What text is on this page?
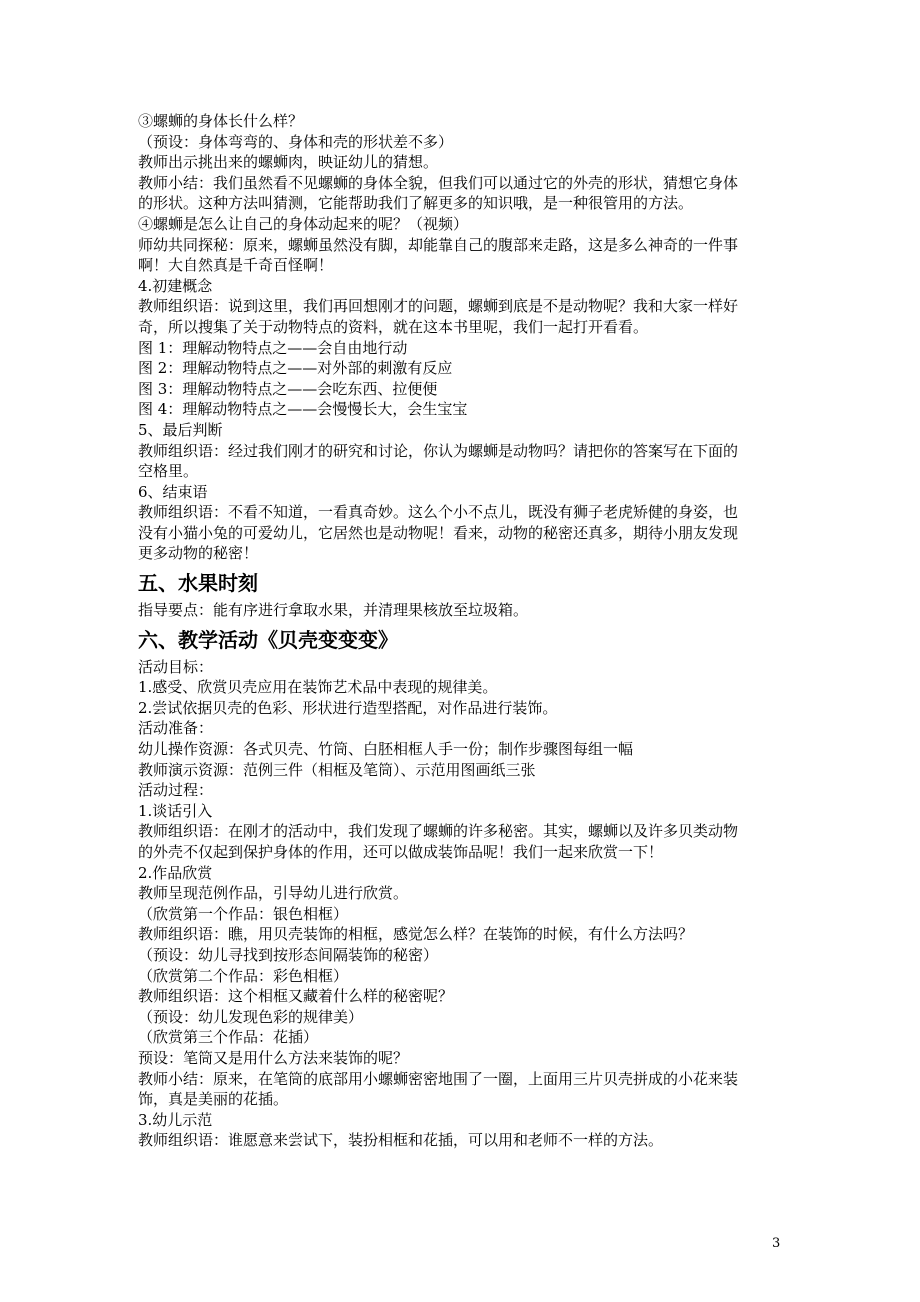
③螺蛳的身体长什么样？
（预设：身体弯弯的、身体和壳的形状差不多）
教师出示挑出来的螺蛳肉，映证幼儿的猜想。
教师小结：我们虽然看不见螺蛳的身体全貌，但我们可以通过它的外壳的形状，猜想它身体
的形状。这种方法叫猜测，它能帮助我们了解更多的知识哦，是一种很管用的方法。
④螺蛳是怎么让自己的身体动起来的呢？（视频）
师幼共同探秘：原来，螺蛳虽然没有脚，却能靠自己的腹部来走路，这是多么神奇的一件事
啊！大自然真是千奇百怪啊！
4.初建概念
教师组织语：说到这里，我们再回想刚才的问题，螺蛳到底是不是动物呢？我和大家一样好
奇，所以搜集了关于动物特点的资料，就在这本书里呢，我们一起打开看看。
图 1：理解动物特点之——会自由地行动
图 2：理解动物特点之——对外部的刺激有反应
图 3：理解动物特点之——会吃东西、拉便便
图 4：理解动物特点之——会慢慢长大，会生宝宝
5、最后判断
教师组织语：经过我们刚才的研究和讨论，你认为螺蛳是动物吗？请把你的答案写在下面的
空格里。
6、结束语
教师组织语：不看不知道，一看真奇妙。这么个小不点儿，既没有狮子老虎矫健的身姿，也
没有小猫小兔的可爱幼儿，它居然也是动物呢！看来，动物的秘密还真多，期待小朋友发现
更多动物的秘密！
五、水果时刻
指导要点：能有序进行拿取水果，并清理果核放至垃圾箱。
六、教学活动《贝壳变变变》
活动目标：
1.感受、欣赏贝壳应用在装饰艺术品中表现的规律美。
2.尝试依据贝壳的色彩、形状进行造型搭配，对作品进行装饰。
活动准备：
幼儿操作资源：各式贝壳、竹筒、白胚相框人手一份；制作步骤图每组一幅
教师演示资源：范例三件（相框及笔筒）、示范用图画纸三张
活动过程：
1.谈话引入
教师组织语：在刚才的活动中，我们发现了螺蛳的许多秘密。其实，螺蛳以及许多贝类动物
的外壳不仅起到保护身体的作用，还可以做成装饰品呢！我们一起来欣赏一下！
2.作品欣赏
教师呈现范例作品，引导幼儿进行欣赏。
（欣赏第一个作品：银色相框）
教师组织语：瞧，用贝壳装饰的相框，感觉怎么样？在装饰的时候，有什么方法吗？
（预设：幼儿寻找到按形态间隔装饰的秘密）
（欣赏第二个作品：彩色相框）
教师组织语：这个相框又藏着什么样的秘密呢？
（预设：幼儿发现色彩的规律美）
（欣赏第三个作品：花插）
预设：笔筒又是用什么方法来装饰的呢？
教师小结：原来，在笔筒的底部用小螺蛳密密地围了一圈，上面用三片贝壳拼成的小花来装
饰，真是美丽的花插。
3.幼儿示范
教师组织语：谁愿意来尝试下，装扮相框和花插，可以用和老师不一样的方法。
3
